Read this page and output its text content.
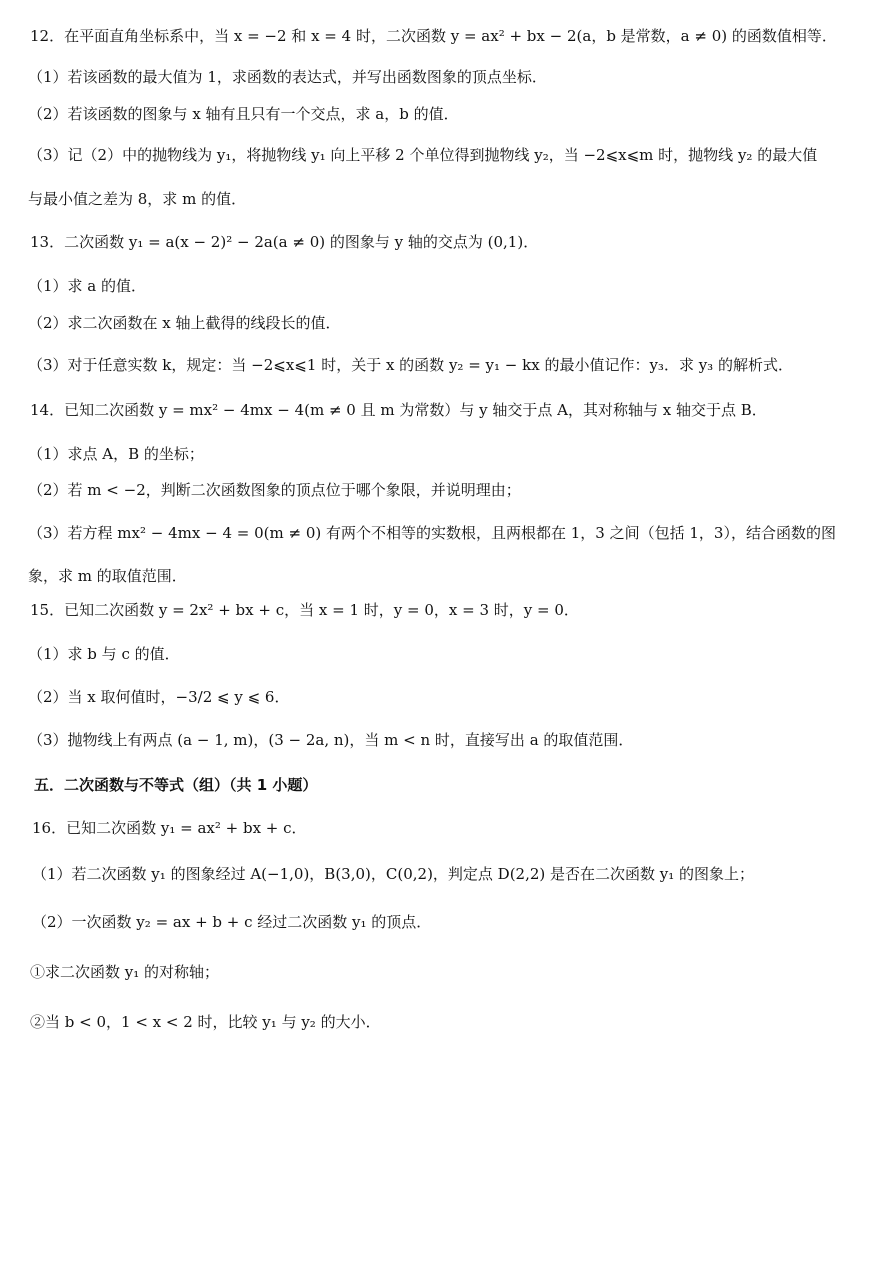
12．在平面直角坐标系中，当 x = −2 和 x = 4 时，二次函数 y = ax² + bx − 2(a，b 是常数，a ≠ 0) 的函数值相等．
（1）若该函数的最大值为 1，求函数的表达式，并写出函数图象的顶点坐标．
（2）若该函数的图象与 x 轴有且只有一个交点，求 a，b 的值．
（3）记（2）中的抛物线为 y₁，将抛物线 y₁ 向上平移 2 个单位得到抛物线 y₂，当 −2⩽x⩽m 时，抛物线 y₂ 的最大值
与最小值之差为 8，求 m 的值．
13．二次函数 y₁ = a(x − 2)² − 2a(a ≠ 0) 的图象与 y 轴的交点为 (0,1)．
（1）求 a 的值．
（2）求二次函数在 x 轴上截得的线段长的值．
（3）对于任意实数 k，规定：当 −2⩽x⩽1 时，关于 x 的函数 y₂ = y₁ − kx 的最小值记作：y₃．求 y₃ 的解析式．
14．已知二次函数 y = mx² − 4mx − 4(m ≠ 0 且 m 为常数）与 y 轴交于点 A，其对称轴与 x 轴交于点 B．
（1）求点 A，B 的坐标；
（2）若 m < −2，判断二次函数图象的顶点位于哪个象限，并说明理由；
（3）若方程 mx² − 4mx − 4 = 0(m ≠ 0) 有两个不相等的实数根，且两根都在 1，3 之间（包括 1，3），结合函数的图
象，求 m 的取值范围．
15．已知二次函数 y = 2x² + bx + c，当 x = 1 时，y = 0，x = 3 时，y = 0．
（1）求 b 与 c 的值．
（2）当 x 取何值时，−3/2 ⩽ y ⩽ 6．
（3）抛物线上有两点 (a − 1, m)，(3 − 2a, n)，当 m < n 时，直接写出 a 的取值范围．
五．二次函数与不等式（组）（共 1 小题）
16．已知二次函数 y₁ = ax² + bx + c．
（1）若二次函数 y₁ 的图象经过 A(−1,0)，B(3,0)，C(0,2)，判定点 D(2,2) 是否在二次函数 y₁ 的图象上；
（2）一次函数 y₂ = ax + b + c 经过二次函数 y₁ 的顶点．
①求二次函数 y₁ 的对称轴；
②当 b < 0，1 < x < 2 时，比较 y₁ 与 y₂ 的大小．
